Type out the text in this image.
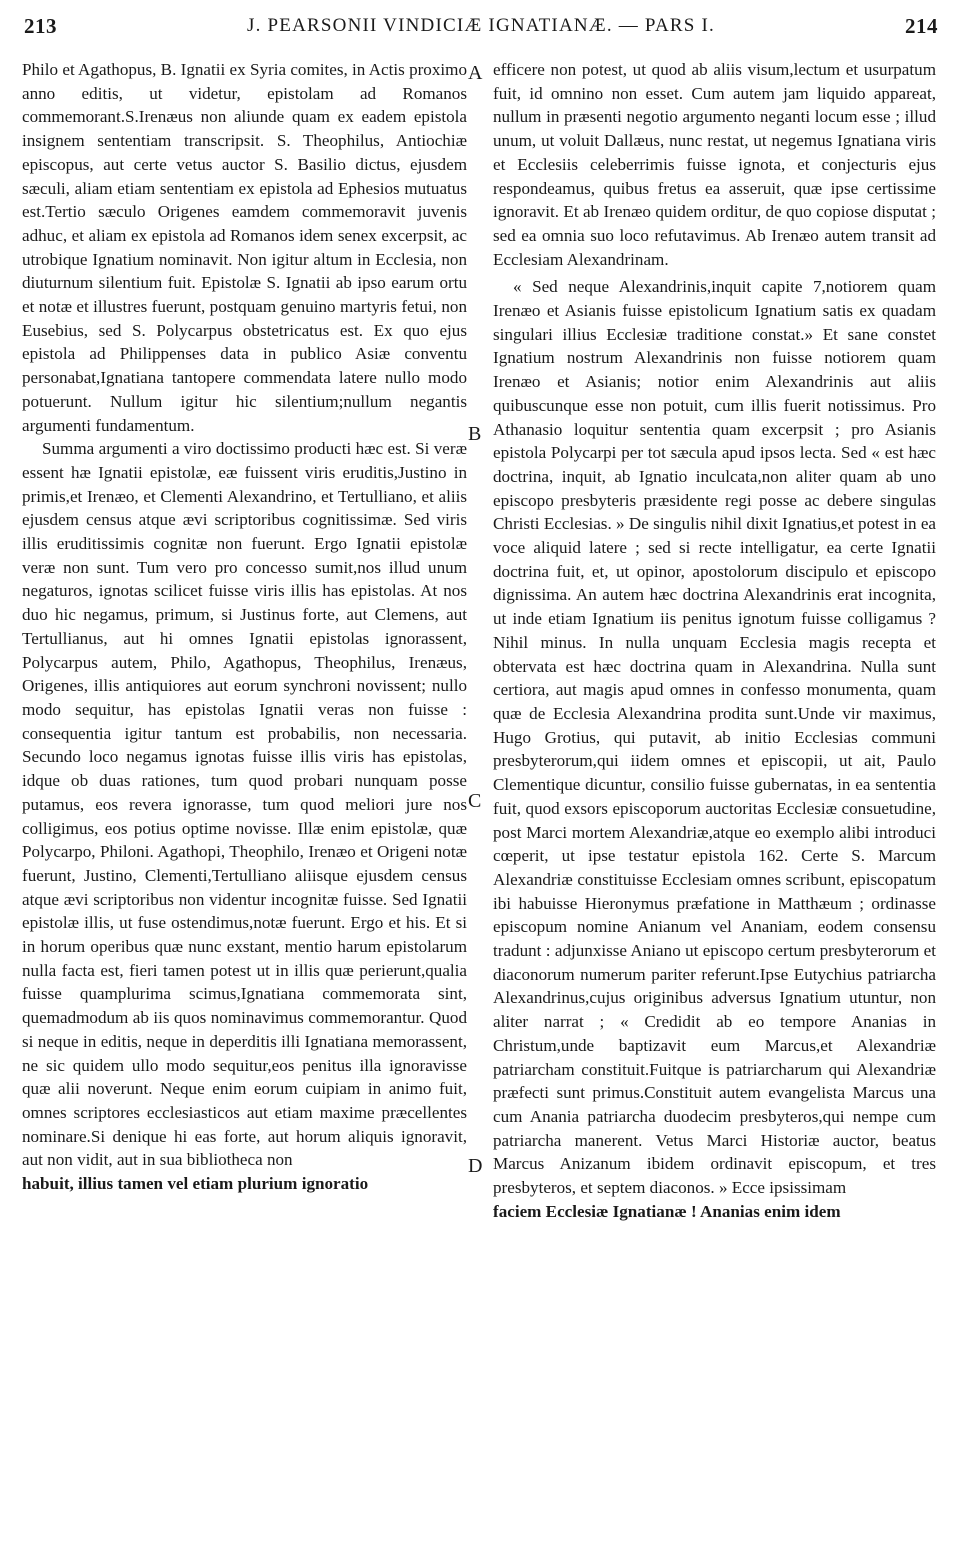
213	J. PEARSONII VINDICIÆ IGNATIANÆ. — PARS I.	214
A
B
C
D

Philo et Agathopus, B. Ignatii ex Syria comites, in Actis proximo anno editis, ut videtur, epistolam ad Romanos commemorant.S.Irenæus non aliunde quam ex eadem epistola insignem sententiam transcripsit. S. Theophilus, Antiochiæ episcopus, aut certe vetus auctor S. Basilio dictus, ejusdem sæculi, aliam etiam sententiam ex epistola ad Ephesios mutuatus est.Tertio sæculo Origenes eamdem commemoravit juvenis adhuc, et aliam ex epistola ad Romanos idem senex excerpsit, ac utrobique Ignatium nominavit. Non igitur altum in Ecclesia, non diuturnum silentium fuit. Epistolæ S. Ignatii ab ipso earum ortu et notæ et illustres fuerunt, postquam genuino martyris fetui, non Eusebius, sed S. Polycarpus obstetricatus est. Ex quo ejus epistola ad Philippenses data in publico Asiæ conventu personabat,Ignatiana tantopere commendata latere nullo modo potuerunt. Nullum igitur hic silentium;nullum negantis argumenti fundamentum.

Summa argumenti a viro doctissimo producti hæc est. Si veræ essent hæ Ignatii epistolæ, eæ fuissent viris eruditis,Justino in primis,et Irenæo, et Clementi Alexandrino, et Tertulliano, et aliis ejusdem census atque ævi scriptoribus cognitissimæ. Sed viris illis eruditissimis cognitæ non fuerunt. Ergo Ignatii epistolæ veræ non sunt. Tum vero pro concesso sumit,nos illud unum negaturos, ignotas scilicet fuisse viris illis has epistolas. At nos duo hic negamus, primum, si Justinus forte, aut Clemens, aut Tertullianus, aut hi omnes Ignatii epistolas ignorassent, Polycarpus autem, Philo, Agathopus, Theophilus, Irenæus, Origenes, illis antiquiores aut eorum synchroni novissent; nullo modo sequitur, has epistolas Ignatii veras non fuisse : consequentia igitur tantum est probabilis, non necessaria. Secundo loco negamus ignotas fuisse illis viris has epistolas, idque ob duas rationes, tum quod probari nunquam posse putamus, eos revera ignorasse, tum quod meliori jure nos colligimus, eos potius optime novisse. Illæ enim epistolæ, quæ Polycarpo, Philoni. Agathopi, Theophilo, Irenæo et Origeni notæ fuerunt, Justino, Clementi,Tertulliano aliisque ejusdem census atque ævi scriptoribus non videntur incognitæ fuisse. Sed Ignatii epistolæ illis, ut fuse ostendimus,notæ fuerunt. Ergo et his. Et si in horum operibus quæ nunc exstant, mentio harum epistolarum nulla facta est, fieri tamen potest ut in illis quæ perierunt,qualia fuisse quamplurima scimus,Ignatiana commemorata sint, quemadmodum ab iis quos nominavimus commemorantur. Quod si neque in editis, neque in deperditis illi Ignatiana memorassent, ne sic quidem ullo modo sequitur,eos penitus illa ignoravisse quæ alii noverunt. Neque enim eorum cuipiam in animo fuit, omnes scriptores ecclesiasticos aut etiam maxime præcellentes nominare.Si denique hi eas forte, aut horum aliquis ignoravit, aut non vidit, aut in sua bibliotheca non

habuit, illius tamen vel etiam plurium ignoratio

efficere non potest, ut quod ab aliis visum,lectum et usurpatum fuit, id omnino non esset. Cum autem jam liquido appareat, nullum in præsenti negotio argumento neganti locum esse ; illud unum, ut voluit Dallæus, nunc restat, ut negemus Ignatiana viris et Ecclesiis celeberrimis fuisse ignota, et conjecturis ejus respondeamus, quibus fretus ea asseruit, quæ ipse certissime ignoravit. Et ab Irenæo quidem orditur, de quo copiose disputat ; sed ea omnia suo loco refutavimus. Ab Irenæo autem transit ad Ecclesiam Alexandrinam.

« Sed neque Alexandrinis,inquit capite 7,notiorem quam Irenæo et Asianis fuisse epistolicum Ignatium satis ex quadam singulari illius Ecclesiæ traditione constat.» Et sane constet Ignatium nostrum Alexandrinis non fuisse notiorem quam Irenæo et Asianis; notior enim Alexandrinis aut aliis quibuscunque esse non potuit, cum illis fuerit notissimus. Pro Athanasio loquitur sententia quam excerpsit ; pro Asianis epistola Polycarpi per tot sæcula apud ipsos lecta. Sed « est hæc doctrina, inquit, ab Ignatio inculcata,non aliter quam ab uno episcopo presbyteris præsidente regi posse ac debere singulas Christi Ecclesias. » De singulis nihil dixit Ignatius,et potest in ea voce aliquid latere ; sed si recte intelligatur, ea certe Ignatii doctrina fuit, et, ut opinor, apostolorum discipulo et episcopo dignissima. An autem hæc doctrina Alexandrinis erat incognita, ut inde etiam Ignatium iis penitus ignotum fuisse colligamus ? Nihil minus. In nulla unquam Ecclesia magis recepta et obtervata est hæc doctrina quam in Alexandrina. Nulla sunt certiora, aut magis apud omnes in confesso monumenta, quam quæ de Ecclesia Alexandrina prodita sunt.Unde vir maximus, Hugo Grotius, qui putavit, ab initio Ecclesias communi presbyterorum,qui iidem omnes et episcopii, ut ait, Paulo Clementique dicuntur, consilio fuisse gubernatas, in ea sententia fuit, quod exsors episcoporum auctoritas Ecclesiæ consuetudine, post Marci mortem Alexandriæ,atque eo exemplo alibi introduci cœperit, ut ipse testatur epistola 162. Certe S. Marcum Alexandriæ constituisse Ecclesiam omnes scribunt, episcopatum ibi habuisse Hieronymus præfatione in Matthæum ; ordinasse episcopum nomine Anianum vel Ananiam, eodem consensu tradunt : adjunxisse Aniano ut episcopo certum presbyterorum et diaconorum numerum pariter referunt.Ipse Eutychius patriarcha Alexandrinus,cujus originibus adversus Ignatium utuntur, non aliter narrat ; « Credidit ab eo tempore Ananias in Christum,unde baptizavit eum Marcus,et Alexandriæ patriarcham constituit.Fuitque is patriarcharum qui Alexandriæ præfecti sunt primus.Constituit autem evangelista Marcus una cum Anania patriarcha duodecim presbyteros,qui nempe cum patriarcha manerent. Vetus Marci Historiæ auctor, beatus Marcus Anizanum ibidem ordinavit episcopum, et tres presbyteros, et septem diaconos. » Ecce ipsissimam

faciem Ecclesiæ Ignatianæ ! Ananias enim idem
